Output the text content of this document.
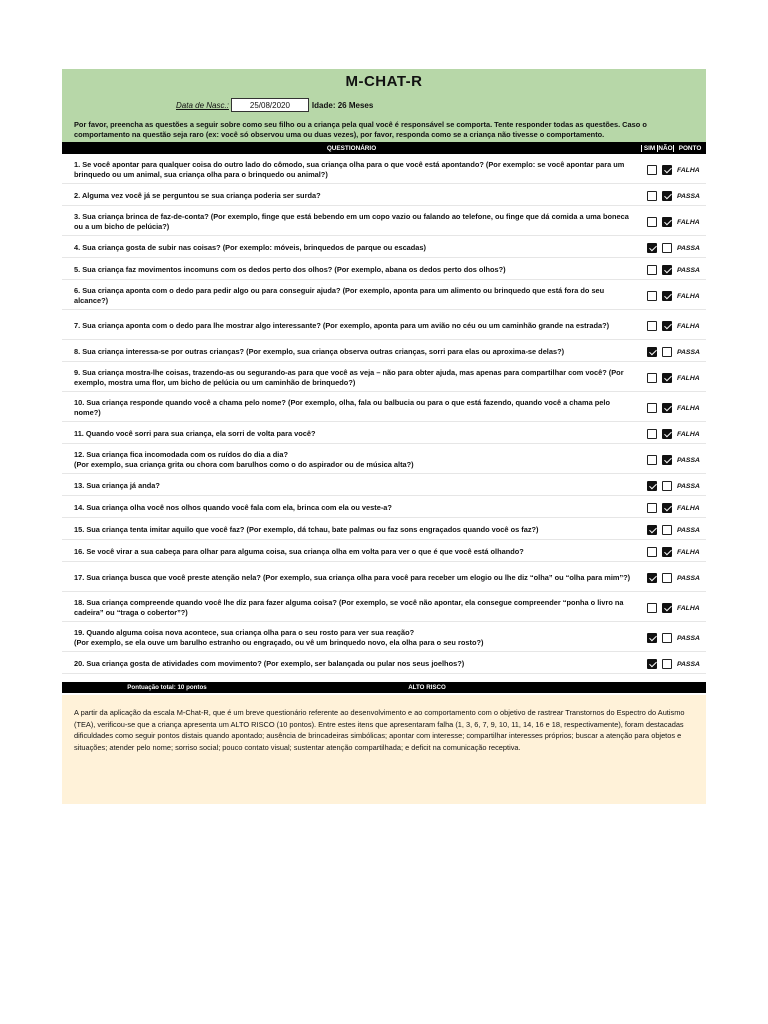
M-CHAT-R
Data de Nasc.:	25/08/2020	Idade: 26 Meses
Por favor, preencha as questões a seguir sobre como seu filho ou a criança pela qual você é responsável se comporta. Tente responder todas as questões. Caso o comportamento na questão seja raro (ex: você só observou uma ou duas vezes), por favor, responda como se a criança não tivesse o comportamento.
QUESTIONÁRIO	SIM NÃO PONTO
1. Se você apontar para qualquer coisa do outro lado do cômodo, sua criança olha para o que você está apontando? (Por exemplo: se você apontar para um brinquedo ou um animal, sua criança olha para o brinquedo ou animal?)	FALHA
2. Alguma vez você já se perguntou se sua criança poderia ser surda?	PASSA
3. Sua criança brinca de faz-de-conta? (Por exemplo, finge que está bebendo em um copo vazio ou falando ao telefone, ou finge que dá comida a uma boneca ou a um bicho de pelúcia?)	FALHA
4. Sua criança gosta de subir nas coisas? (Por exemplo: móveis, brinquedos de parque ou escadas)	PASSA
5. Sua criança faz movimentos incomuns com os dedos perto dos olhos? (Por exemplo, abana os dedos perto dos olhos?)	PASSA
6. Sua criança aponta com o dedo para pedir algo ou para conseguir ajuda? (Por exemplo, aponta para um alimento ou brinquedo que está fora do seu alcance?)	FALHA
7. Sua criança aponta com o dedo para lhe mostrar algo interessante? (Por exemplo, aponta para um avião no céu ou um caminhão grande na estrada?)	FALHA
8. Sua criança interessa-se por outras crianças? (Por exemplo, sua criança observa outras crianças, sorri para elas ou aproxima-se delas?)	PASSA
9. Sua criança mostra-lhe coisas, trazendo-as ou segurando-as para que você as veja – não para obter ajuda, mas apenas para compartilhar com você? (Por exemplo, mostra uma flor, um bicho de pelúcia ou um caminhão de brinquedo?)	FALHA
10. Sua criança responde quando você a chama pelo nome? (Por exemplo, olha, fala ou balbucia ou para o que está fazendo, quando você a chama pelo nome?)	FALHA
11. Quando você sorri para sua criança, ela sorri de volta para você?	FALHA
12. Sua criança fica incomodada com os ruídos do dia a dia?
(Por exemplo, sua criança grita ou chora com barulhos como o do aspirador ou de música alta?)	PASSA
13. Sua criança já anda?	PASSA
14. Sua criança olha você nos olhos quando você fala com ela, brinca com ela ou veste-a?	FALHA
15. Sua criança tenta imitar aquilo que você faz? (Por exemplo, dá tchau, bate palmas ou faz sons engraçados quando você os faz?)	PASSA
16. Se você virar a sua cabeça para olhar para alguma coisa, sua criança olha em volta para ver o que é que você está olhando?	FALHA
17. Sua criança busca que você preste atenção nela? (Por exemplo, sua criança olha para você para receber um elogio ou lhe diz “olha” ou “olha para mim”?)	PASSA
18. Sua criança compreende quando você lhe diz para fazer alguma coisa? (Por exemplo, se você não apontar, ela consegue compreender “ponha o livro na cadeira” ou “traga o cobertor”?)	FALHA
19. Quando alguma coisa nova acontece, sua criança olha para o seu rosto para ver sua reação?
(Por exemplo, se ela ouve um barulho estranho ou engraçado, ou vê um brinquedo novo, ela olha para o seu rosto?)	PASSA
20. Sua criança gosta de atividades com movimento? (Por exemplo, ser balançada ou pular nos seus joelhos?)	PASSA
Pontuação total: 10 pontos	ALTO RISCO
A partir da aplicação da escala M-Chat-R, que é um breve questionário referente ao desenvolvimento e ao comportamento com o objetivo de rastrear Transtornos do Espectro do Autismo (TEA), verificou-se que a criança apresenta um ALTO RISCO (10 pontos). Entre estes itens que apresentaram falha (1, 3, 6, 7, 9, 10, 11, 14, 16 e 18, respectivamente), foram destacadas dificuldades como seguir pontos distais quando apontado; ausência de brincadeiras simbólicas; apontar com interesse; compartilhar interesses próprios; buscar a atenção para objetos e situações; atender pelo nome; sorriso social; pouco contato visual; sustentar atenção compartilhada; e deficit na comunicação receptiva.
